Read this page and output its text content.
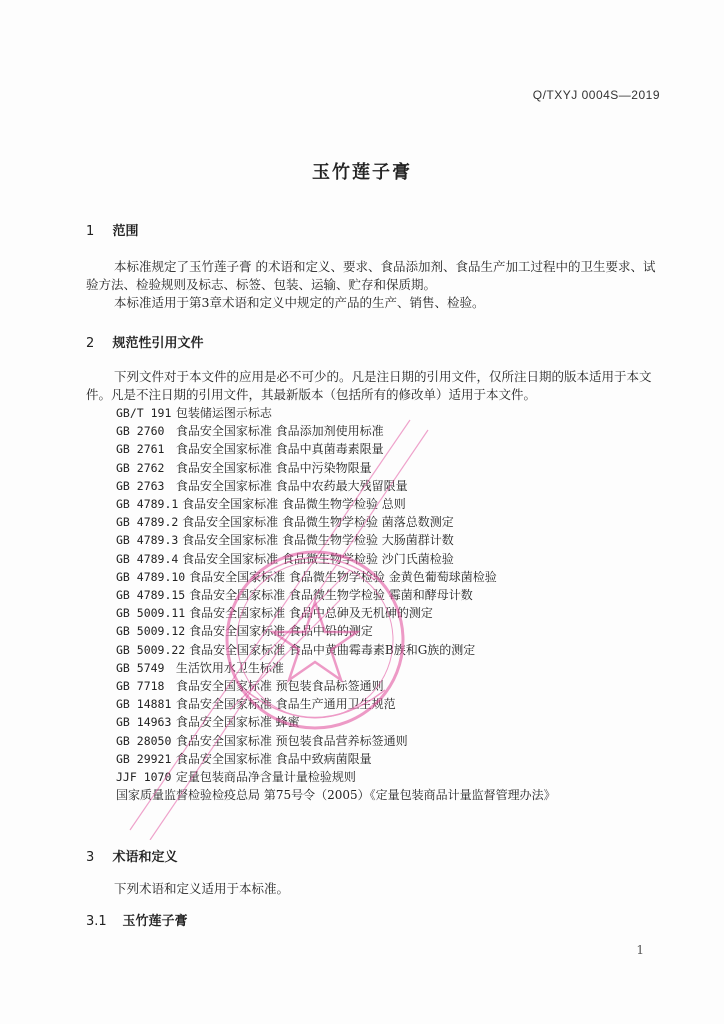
Q/TXYJ 0004S—2019
玉竹莲子膏
1 范围

本标准规定了玉竹莲子膏 的术语和定义、要求、食品添加剂、食品生产加工过程中的卫生要求、试验方法、检验规则及标志、标签、包装、运输、贮存和保质期。

本标准适用于第3章术语和定义中规定的产品的生产、销售、检验。

2 规范性引用文件

下列文件对于本文件的应用是必不可少的。凡是注日期的引用文件，仅所注日期的版本适用于本文件。凡是不注日期的引用文件，其最新版本（包括所有的修改单）适用于本文件。

GB/T 191 包装储运图示标志
GB 2760 食品安全国家标准 食品添加剂使用标准
GB 2761 食品安全国家标准 食品中真菌毒素限量
GB 2762 食品安全国家标准 食品中污染物限量
GB 2763 食品安全国家标准 食品中农药最大残留限量
GB 4789.1 食品安全国家标准 食品微生物学检验 总则
GB 4789.2 食品安全国家标准 食品微生物学检验 菌落总数测定
GB 4789.3 食品安全国家标准 食品微生物学检验 大肠菌群计数
GB 4789.4 食品安全国家标准 食品微生物学检验 沙门氏菌检验
GB 4789.10 食品安全国家标准 食品微生物学检验 金黄色葡萄球菌检验
GB 4789.15 食品安全国家标准 食品微生物学检验 霉菌和酵母计数
GB 5009.11 食品安全国家标准 食品中总砷及无机砷的测定
GB 5009.12 食品安全国家标准 食品中铅的测定
GB 5009.22 食品安全国家标准 食品中黄曲霉毒素B族和G族的测定
GB 5749 生活饮用水卫生标准
GB 7718 食品安全国家标准 预包装食品标签通则
GB 14881 食品安全国家标准 食品生产通用卫生规范
GB 14963 食品安全国家标准 蜂蜜
GB 28050 食品安全国家标准 预包装食品营养标签通则
GB 29921 食品安全国家标准 食品中致病菌限量
JJF 1070 定量包装商品净含量计量检验规则
国家质量监督检验检疫总局 第75号令（2005）《定量包装商品计量监督管理办法》
3 术语和定义

下列术语和定义适用于本标准。

3.1 玉竹莲子膏
1
